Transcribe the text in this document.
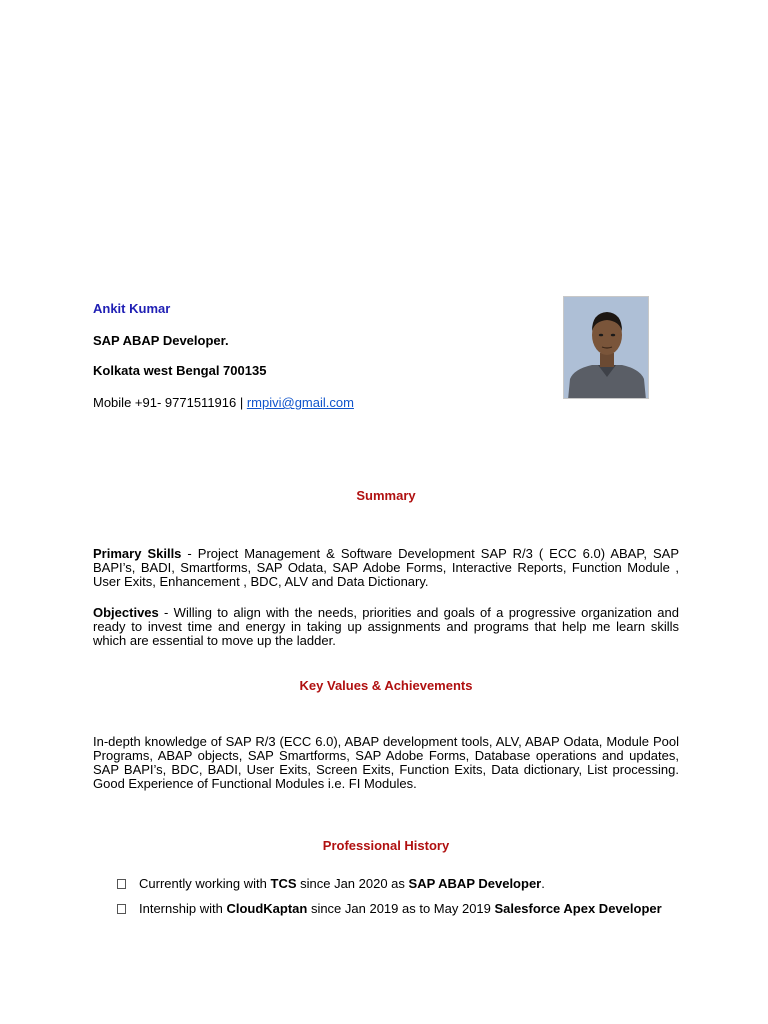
Ankit Kumar
SAP ABAP Developer.
Kolkata west Bengal 700135
Mobile +91- 9771511916 | rmpivi@gmail.com
Summary
Primary Skills - Project Management & Software Development SAP R/3 ( ECC 6.0) ABAP, SAP BAPI’s, BADI, Smartforms, SAP Odata, SAP Adobe Forms, Interactive Reports, Function Module , User Exits, Enhancement , BDC, ALV and Data Dictionary.
Objectives - Willing to align with the needs, priorities and goals of a progressive organization and ready to invest time and energy in taking up assignments and programs that help me learn skills which are essential to move up the ladder.
Key Values & Achievements
In-depth knowledge of SAP R/3 (ECC 6.0), ABAP development tools, ALV, ABAP Odata, Module Pool Programs, ABAP objects, SAP Smartforms, SAP Adobe Forms, Database operations and updates, SAP BAPI’s, BDC, BADI, User Exits, Screen Exits, Function Exits, Data dictionary, List processing. Good Experience of Functional Modules i.e. FI Modules.
Professional History
Currently working with TCS since Jan 2020 as SAP ABAP Developer.
Internship with CloudKaptan since Jan 2019 as to May 2019 Salesforce Apex Developer
